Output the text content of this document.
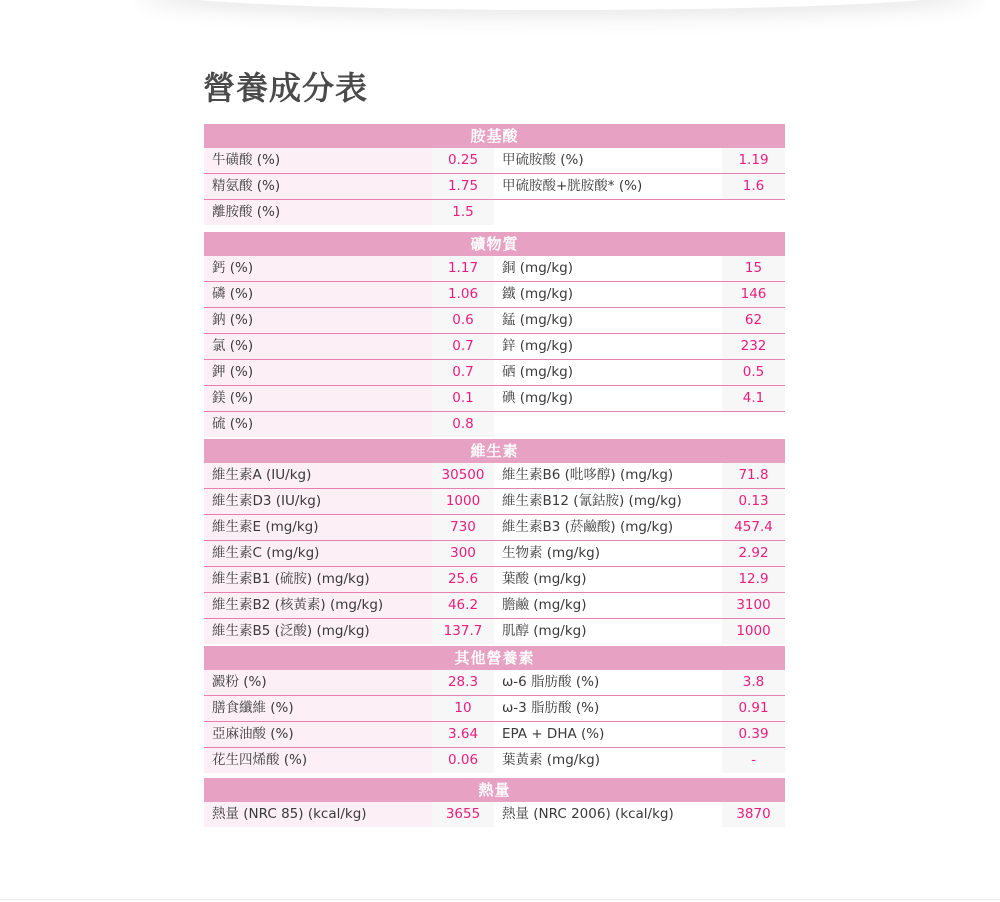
營養成分表
胺基酸
牛磺酸 (%)	0.25	甲硫胺酸 (%)	1.19
精氨酸 (%)	1.75	甲硫胺酸+胱胺酸* (%)	1.6
離胺酸 (%)	1.5
礦物質
鈣 (%)	1.17	銅 (mg/kg)	15
磷 (%)	1.06	鐵 (mg/kg)	146
鈉 (%)	0.6	錳 (mg/kg)	62
氯 (%)	0.7	鋅 (mg/kg)	232
鉀 (%)	0.7	硒 (mg/kg)	0.5
鎂 (%)	0.1	碘 (mg/kg)	4.1
硫 (%)	0.8
維生素
維生素A (IU/kg)	30500	維生素B6 (吡哆醇) (mg/kg)	71.8
維生素D3 (IU/kg)	1000	維生素B12 (氰鈷胺) (mg/kg)	0.13
維生素E (mg/kg)	730	維生素B3 (菸鹼酸) (mg/kg)	457.4
維生素C (mg/kg)	300	生物素 (mg/kg)	2.92
維生素B1 (硫胺) (mg/kg)	25.6	葉酸 (mg/kg)	12.9
維生素B2 (核黃素) (mg/kg)	46.2	膽鹼 (mg/kg)	3100
維生素B5 (泛酸) (mg/kg)	137.7	肌醇 (mg/kg)	1000
其他營養素
澱粉 (%)	28.3	ω-6 脂肪酸 (%)	3.8
膳食纖維 (%)	10	ω-3 脂肪酸 (%)	0.91
亞麻油酸 (%)	3.64	EPA + DHA (%)	0.39
花生四烯酸 (%)	0.06	葉黃素 (mg/kg)	-
熱量
熱量 (NRC 85) (kcal/kg)	3655	熱量 (NRC 2006) (kcal/kg)	3870
